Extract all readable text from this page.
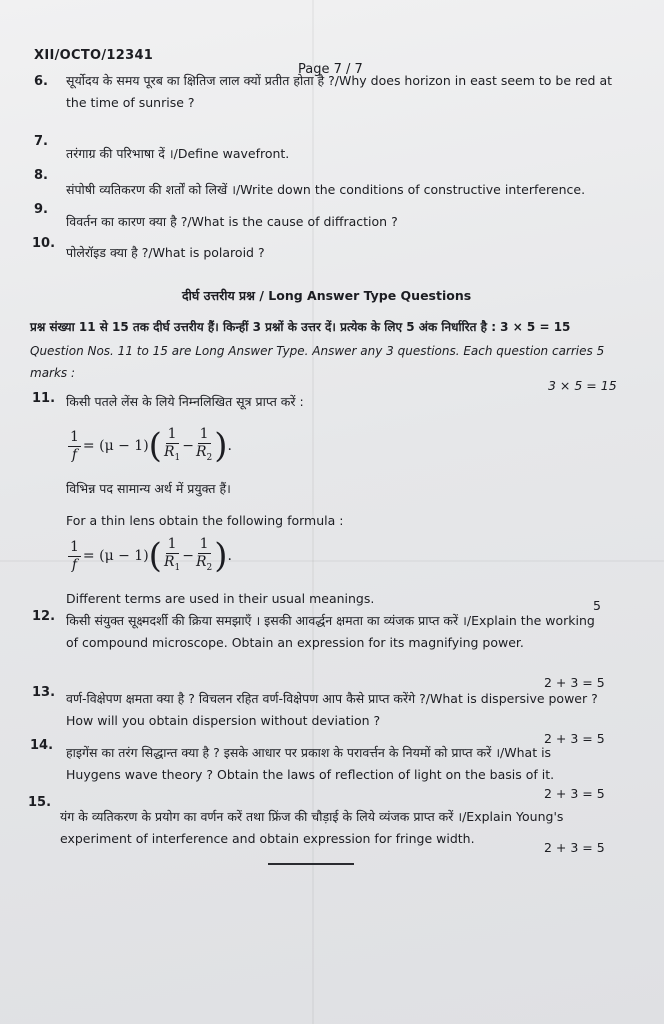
XII/OCTO/12341
Page 7 / 7
6. सूर्योदय के समय पूरब का क्षितिज लाल क्यों प्रतीत होता है ?/Why does horizon in east seem to be red at the time of sunrise ?
7.
तरंगाग्र की परिभाषा दें ।/Define wavefront.
8.
संपोषी व्यतिकरण की शर्तों को लिखें ।/Write down the conditions of constructive interference.
9.
विवर्तन का कारण क्या है ?/What is the cause of diffraction ?
10.
पोलेरॉइड क्या है ?/What is polaroid ?
दीर्घ उत्तरीय प्रश्न / Long Answer Type Questions
प्रश्न संख्या 11 से 15 तक दीर्घ उत्तरीय हैं। किन्हीं 3 प्रश्नों के उत्तर दें। प्रत्येक के लिए 5 अंक निर्धारित है : 3 × 5 = 15
Question Nos. 11 to 15 are Long Answer Type. Answer any 3 questions. Each question carries 5 marks :
3 × 5 = 15
11. किसी पतले लेंस के लिये निम्नलिखित सूत्र प्राप्त करें :
$\frac{1}{f} = (\mu - 1)$ ( $\frac{1}{R_1} - \frac{1}{R_2}$ ) .
विभिन्न पद सामान्य अर्थ में प्रयुक्त हैं।
For a thin lens obtain the following formula :
$\frac{1}{f} = (\mu - 1)$ ( $\frac{1}{R_1} - \frac{1}{R_2}$ ) .
Different terms are used in their usual meanings.	5
12. किसी संयुक्त सूक्ष्मदर्शी की क्रिया समझाएँ । इसकी आवर्द्धन क्षमता का व्यंजक प्राप्त करें ।/Explain the working of compound microscope. Obtain an expression for its magnifying power.
2 + 3 = 5
13. वर्ण-विक्षेपण क्षमता क्या है ? विचलन रहित वर्ण-विक्षेपण आप कैसे प्राप्त करेंगे ?/What is dispersive power ? How will you obtain dispersion without deviation ?
2 + 3 = 5
14. हाइगेंस का तरंग सिद्धान्त क्या है ? इसके आधार पर प्रकाश के परावर्त्तन के नियमों को प्राप्त करें ।/What is Huygens wave theory ? Obtain the laws of reflection of light on the basis of it.
2 + 3 = 5
15.
यंग के व्यतिकरण के प्रयोग का वर्णन करें तथा फ्रिंज की चौड़ाई के लिये व्यंजक प्राप्त करें ।/Explain Young's experiment of interference and obtain expression for fringe width.
2 + 3 = 5
